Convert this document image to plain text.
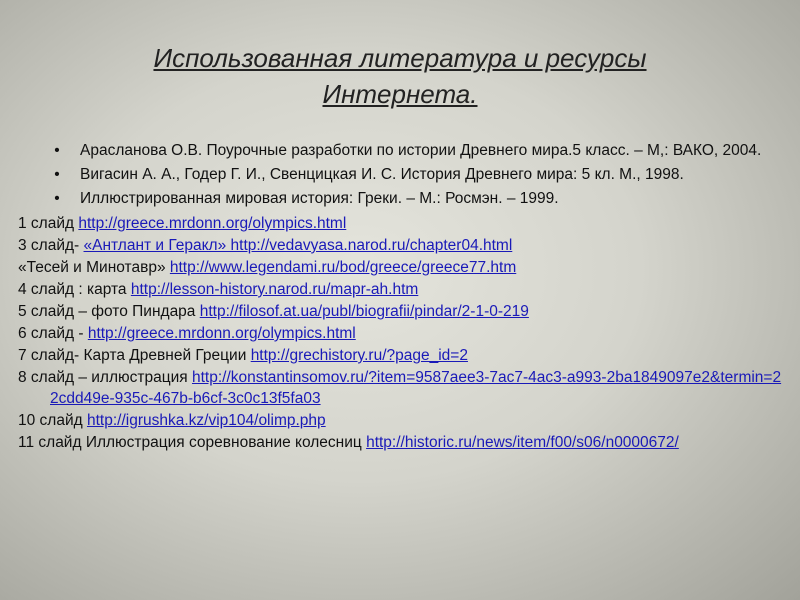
Использованная литература и ресурсы
Интернета.
•	Арасланова О.В. Поурочные разработки по истории Древнего мира.5 класс. – М,: ВАКО, 2004.
•	Вигасин А. А., Годер Г. И., Свенцицкая И. С. История Древнего мира: 5 кл. М., 1998.
•	Иллюстрированная мировая история: Греки. – М.: Росмэн. – 1999.
1 слайд http://greece.mrdonn.org/olympics.html
3 слайд- «Антлант и Геракл» http://vedavyasa.narod.ru/chapter04.html
«Тесей и Минотавр» http://www.legendami.ru/bod/greece/greece77.htm
4 слайд : карта http://lesson-history.narod.ru/mapr-ah.htm
5 слайд – фото Пиндара http://filosof.at.ua/publ/biografii/pindar/2-1-0-219
6 слайд - http://greece.mrdonn.org/olympics.html
7 слайд- Карта Древней Греции http://grechistory.ru/?page_id=2
8 слайд – иллюстрация http://konstantinsomov.ru/?item=9587aee3-7ac7-4ac3-a993-2ba1849097e2&termin=22cdd49e-935c-467b-b6cf-3c0c13f5fa03
10 слайд http://igrushka.kz/vip104/olimp.php
11 слайд Иллюстрация соревнование колесниц http://historic.ru/news/item/f00/s06/n0000672/
